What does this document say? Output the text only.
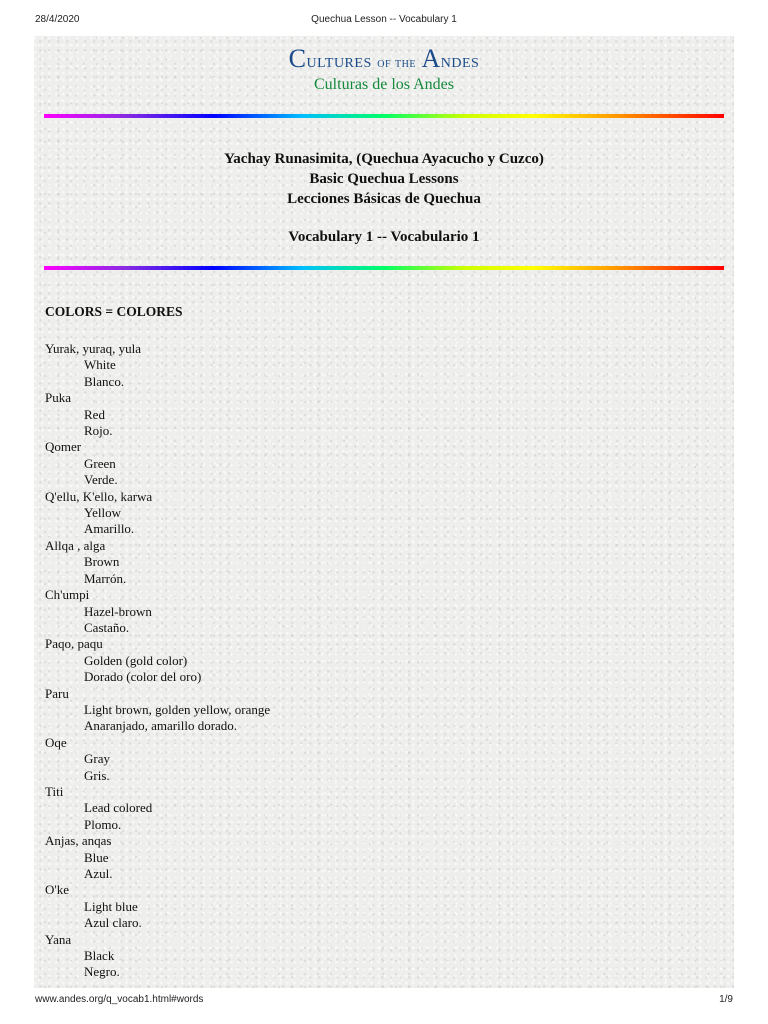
28/4/2020	Quechua Lesson -- Vocabulary 1
Cultures of the Andes
Culturas de los Andes
Yachay Runasimita, (Quechua Ayacucho y Cuzco)
Basic Quechua Lessons
Lecciones Básicas de Quechua
Vocabulary 1 -- Vocabulario 1
COLORS = COLORES
Yurak, yuraq, yula
White
Blanco.
Puka
Red
Rojo.
Qomer
Green
Verde.
Q'ellu, K'ello, karwa
Yellow
Amarillo.
Allqa , alga
Brown
Marrón.
Ch'umpi
Hazel-brown
Castaño.
Paqo, paqu
Golden (gold color)
Dorado (color del oro)
Paru
Light brown, golden yellow, orange
Anaranjado, amarillo dorado.
Oqe
Gray
Gris.
Titi
Lead colored
Plomo.
Anjas, anqas
Blue
Azul.
O'ke
Light blue
Azul claro.
Yana
Black
Negro.
www.andes.org/q_vocab1.html#words	1/9
